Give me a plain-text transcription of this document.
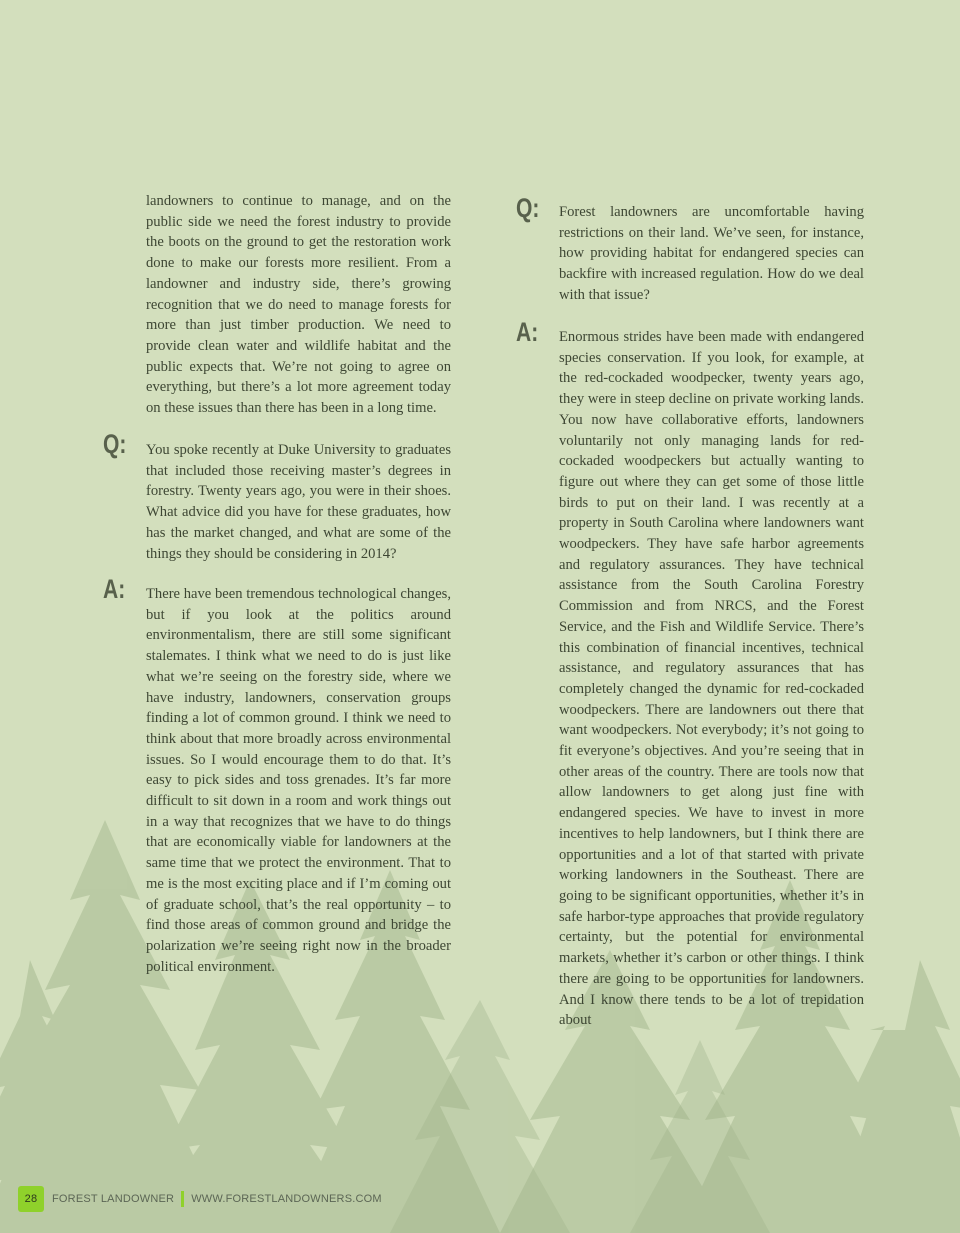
landowners to continue to manage, and on the public side we need the forest industry to provide the boots on the ground to get the restoration work done to make our forests more resilient. From a landowner and industry side, there’s growing recognition that we do need to manage forests for more than just timber production. We need to provide clean water and wildlife habitat and the public expects that. We’re not going to agree on everything, but there’s a lot more agreement today on these issues than there has been in a long time.

Q: You spoke recently at Duke University to graduates that included those receiving master’s degrees in forestry. Twenty years ago, you were in their shoes. What advice did you have for these graduates, how has the market changed, and what are some of the things they should be considering in 2014?

A: There have been tremendous technological changes, but if you look at the politics around environmentalism, there are still some significant stalemates. I think what we need to do is just like what we’re seeing on the forestry side, where we have industry, landowners, conservation groups finding a lot of common ground. I think we need to think about that more broadly across environmental issues. So I would encourage them to do that. It’s easy to pick sides and toss grenades. It’s far more difficult to sit down in a room and work things out in a way that recognizes that we have to do things that are economically viable for landowners at the same time that we protect the environment. That to me is the most exciting place and if I’m coming out of graduate school, that’s the real opportunity – to find those areas of common ground and bridge the polarization we’re seeing right now in the broader political environment.

Q: Forest landowners are uncomfortable having restrictions on their land. We’ve seen, for instance, how providing habitat for endangered species can backfire with increased regulation. How do we deal with that issue?

A: Enormous strides have been made with endangered species conservation. If you look, for example, at the red-cockaded woodpecker, twenty years ago, they were in steep decline on private working lands. You now have collaborative efforts, landowners voluntarily not only managing lands for red-cockaded woodpeckers but actually wanting to figure out where they can get some of those little birds to put on their land. I was recently at a property in South Carolina where landowners want woodpeckers. They have safe harbor agreements and regulatory assurances. They have technical assistance from the South Carolina Forestry Commission and from NRCS, and the Forest Service, and the Fish and Wildlife Service. There’s this combination of financial incentives, technical assistance, and regulatory assurances that has completely changed the dynamic for red-cockaded woodpeckers. There are landowners out there that want woodpeckers. Not everybody; it’s not going to fit everyone’s objectives. And you’re seeing that in other areas of the country. There are tools now that allow landowners to get along just fine with endangered species. We have to invest in more incentives to help landowners, but I think there are opportunities and a lot of that started with private working landowners in the Southeast. There are going to be significant opportunities, whether it’s in safe harbor-type approaches that provide regulatory certainty, but the potential for environmental markets, whether it’s carbon or other things. I think there are going to be opportunities for landowners. And I know there tends to be a lot of trepidation about

28	FOREST LANDOWNER WWW.FORESTLANDOWNERS.COM
